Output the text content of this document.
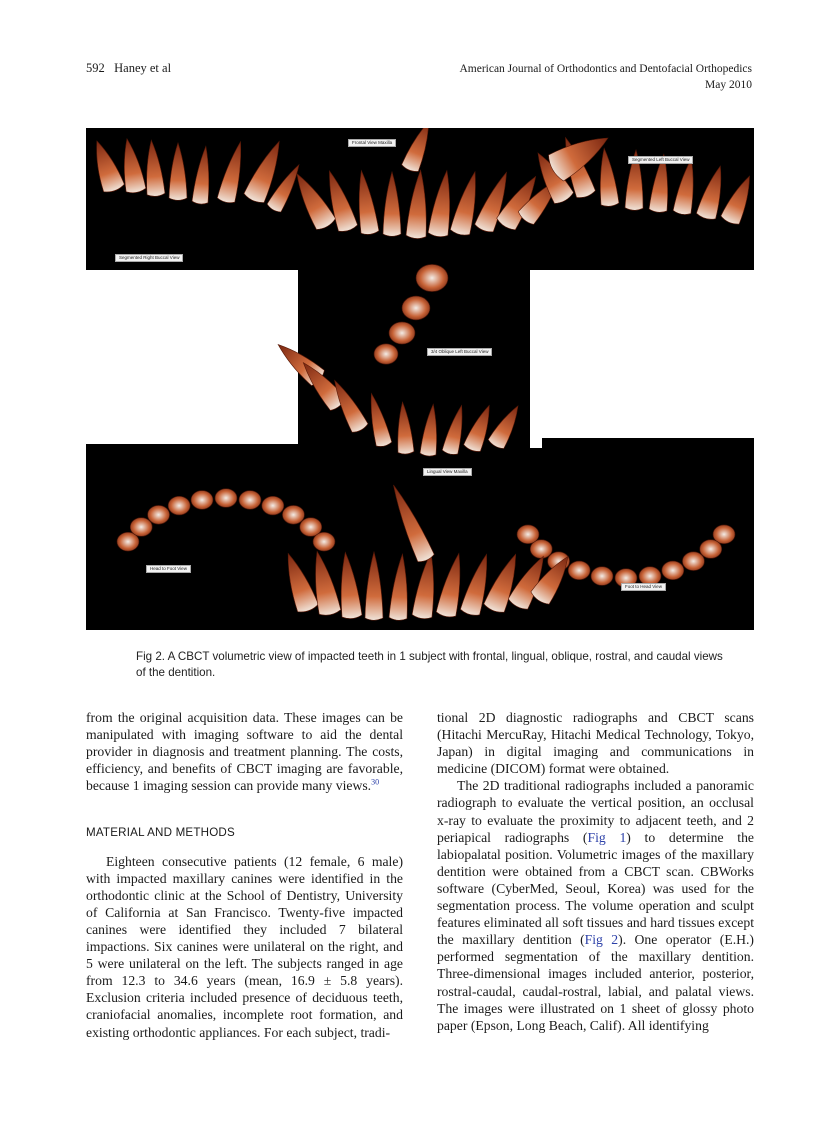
592 Haney et al	American Journal of Orthodontics and Dentofacial Orthopedics
May 2010
Frontal View Maxilla
Segmented Left Buccal View
Segmented Right Buccal View
3/4 Oblique Left Buccal View
Lingual View Maxilla
Head to Foot View
Foot to Head View
Fig 2. A CBCT volumetric view of impacted teeth in 1 subject with frontal, lingual, oblique, rostral, and caudal views of the dentition.

from the original acquisition data. These images can be manipulated with imaging software to aid the dental provider in diagnosis and treatment planning. The costs, efficiency, and benefits of CBCT imaging are favorable, because 1 imaging session can provide many views.$^{30}$

MATERIAL AND METHODS

Eighteen consecutive patients (12 female, 6 male) with impacted maxillary canines were identified in the orthodontic clinic at the School of Dentistry, University of California at San Francisco. Twenty-five impacted canines were identified they included 7 bilateral impactions. Six canines were unilateral on the right, and 5 were unilateral on the left. The subjects ranged in age from 12.3 to 34.6 years (mean, 16.9 ± 5.8 years). Exclusion criteria included presence of deciduous teeth, craniofacial anomalies, incomplete root formation, and existing orthodontic appliances. For each subject, tradi-

tional 2D diagnostic radiographs and CBCT scans (Hitachi MercuRay, Hitachi Medical Technology, Tokyo, Japan) in digital imaging and communications in medicine (DICOM) format were obtained.

The 2D traditional radiographs included a panoramic radiograph to evaluate the vertical position, an occlusal x-ray to evaluate the proximity to adjacent teeth, and 2 periapical radiographs (Fig 1) to determine the labiopalatal position. Volumetric images of the maxillary dentition were obtained from a CBCT scan. CBWorks software (CyberMed, Seoul, Korea) was used for the segmentation process. The volume operation and sculpt features eliminated all soft tissues and hard tissues except the maxillary dentition (Fig 2). One operator (E.H.) performed segmentation of the maxillary dentition. Three-dimensional images included anterior, posterior, rostral-caudal, caudal-rostral, labial, and palatal views. The images were illustrated on 1 sheet of glossy photo paper (Epson, Long Beach, Calif). All identifying
